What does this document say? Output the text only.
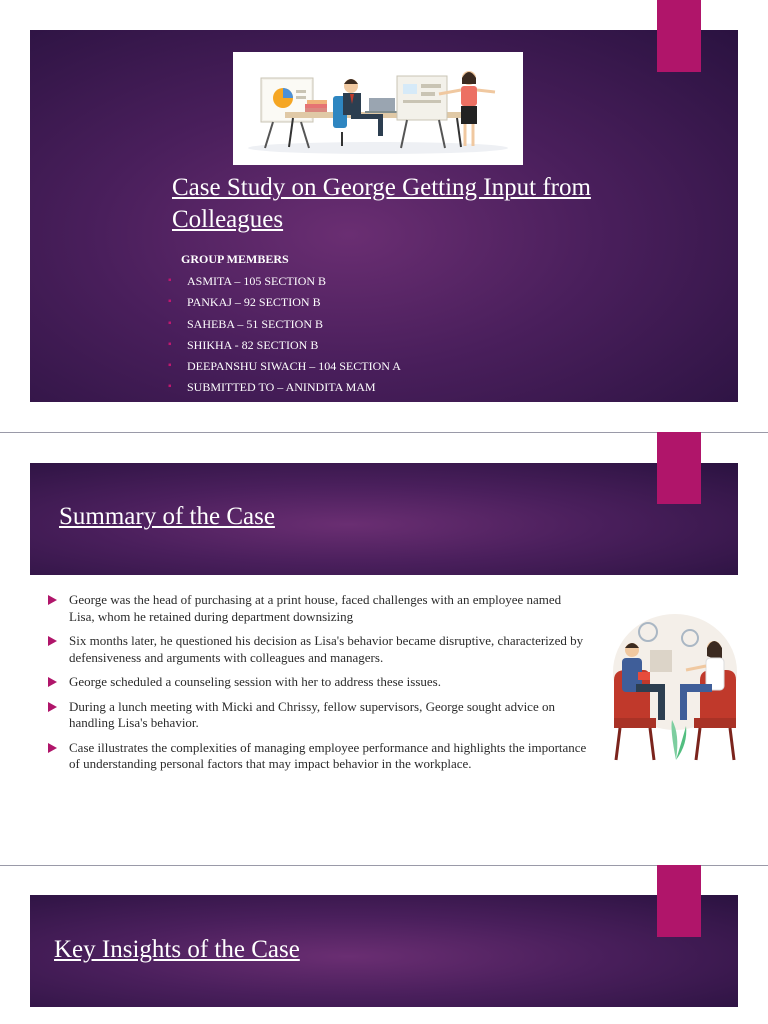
Case Study on George Getting Input from Colleagues
GROUP MEMBERS
▪ ASMITA – 105 SECTION B
▪ PANKAJ – 92 SECTION B
▪ SAHEBA – 51 SECTION B
▪ SHIKHA - 82 SECTION B
▪ DEEPANSHU SIWACH – 104 SECTION A
▪ SUBMITTED TO – ANINDITA MAM
Summary of the Case
George was the head of purchasing at a print house, faced challenges with an employee named Lisa, whom he retained during department downsizing
Six months later, he questioned his decision as Lisa's behavior became disruptive, characterized by defensiveness and arguments with colleagues and managers.
George scheduled a counseling session with her to address these issues.
During a lunch meeting with Micki and Chrissy, fellow supervisors, George sought advice on handling Lisa's behavior.
Case illustrates the complexities of managing employee performance and highlights the importance of understanding personal factors that may impact behavior in the workplace.
Key Insights of the Case
